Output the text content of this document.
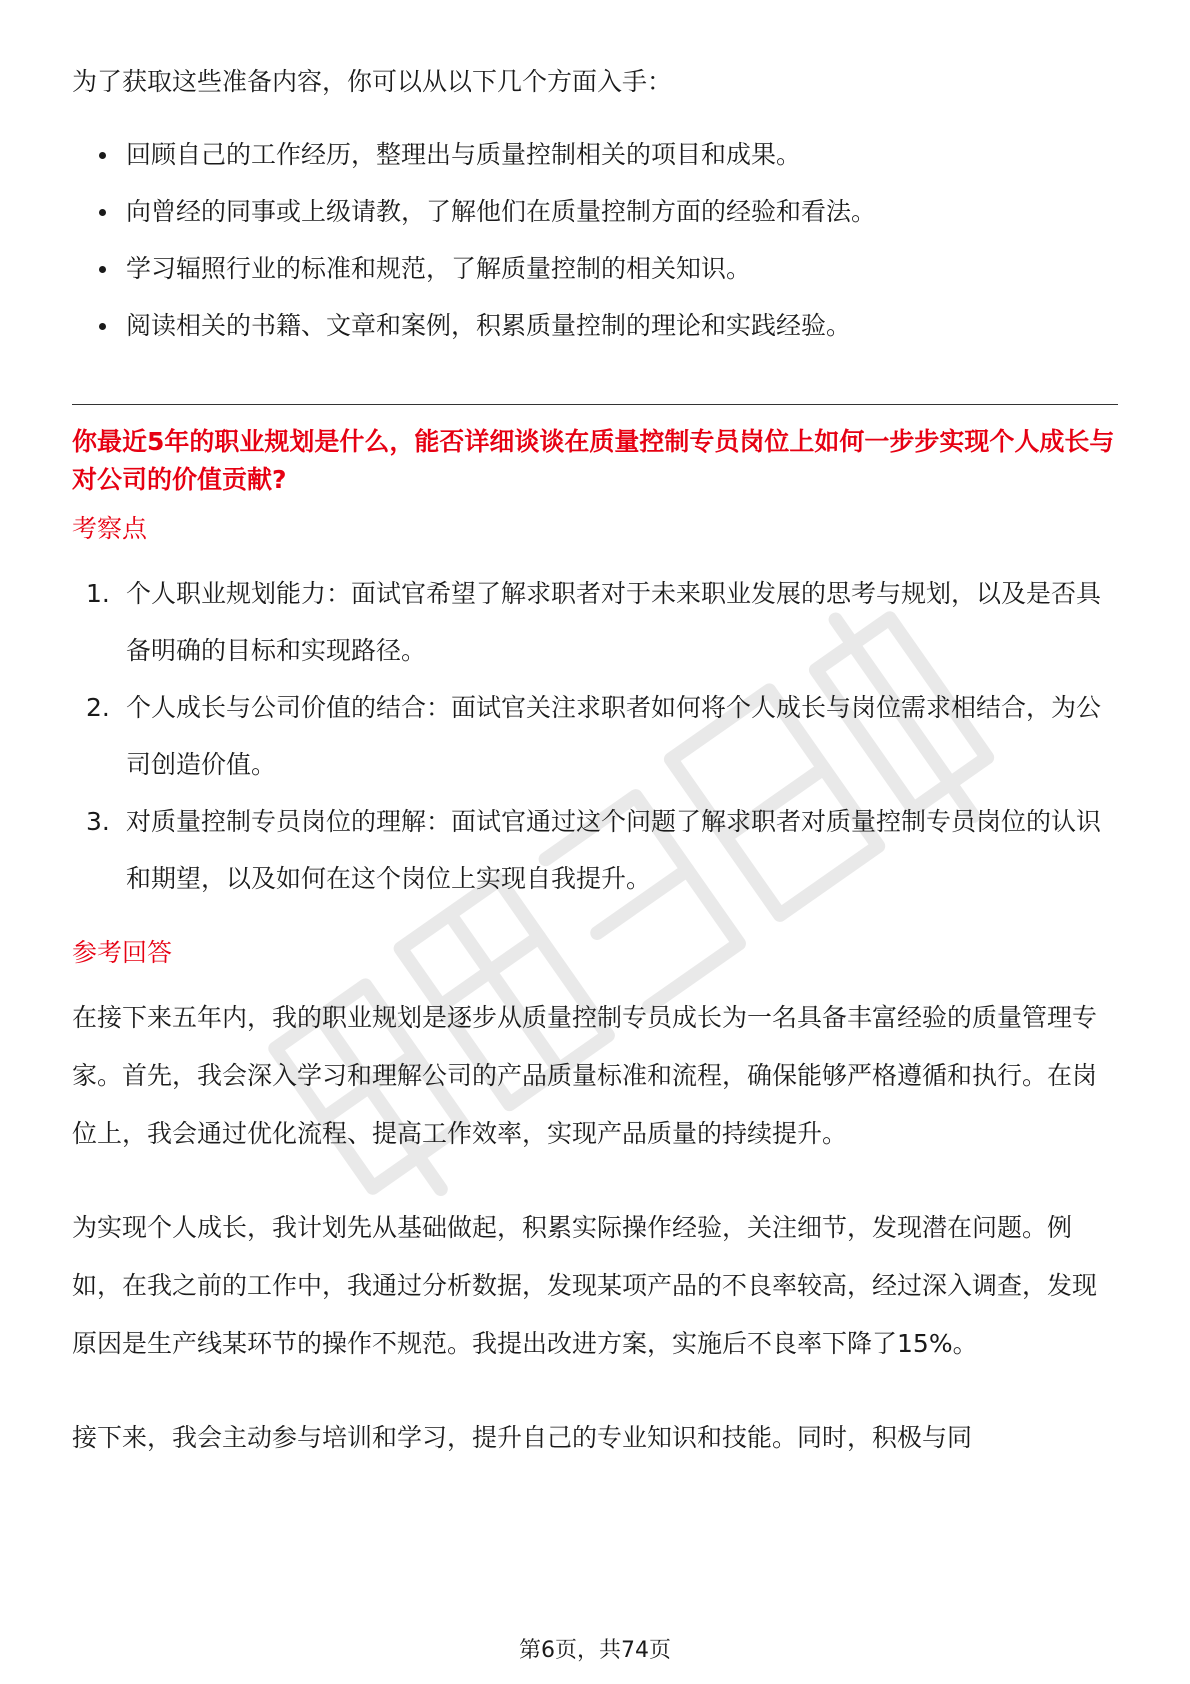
为了获取这些准备内容，你可以从以下几个方面入手：

回顾自己的工作经历，整理出与质量控制相关的项目和成果。
向曾经的同事或上级请教，了解他们在质量控制方面的经验和看法。
学习辐照行业的标准和规范，了解质量控制的相关知识。
阅读相关的书籍、文章和案例，积累质量控制的理论和实践经验。

你最近5年的职业规划是什么，能否详细谈谈在质量控制专员岗位上如何一步步实现个人成长与对公司的价值贡献?

考察点

1. 个人职业规划能力：面试官希望了解求职者对于未来职业发展的思考与规划，以及是否具备明确的目标和实现路径。
2. 个人成长与公司价值的结合：面试官关注求职者如何将个人成长与岗位需求相结合，为公司创造价值。
3. 对质量控制专员岗位的理解：面试官通过这个问题了解求职者对质量控制专员岗位的认识和期望，以及如何在这个岗位上实现自我提升。

参考回答

在接下来五年内，我的职业规划是逐步从质量控制专员成长为一名具备丰富经验的质量管理专家。首先，我会深入学习和理解公司的产品质量标准和流程，确保能够严格遵循和执行。在岗位上，我会通过优化流程、提高工作效率，实现产品质量的持续提升。

为实现个人成长，我计划先从基础做起，积累实际操作经验，关注细节，发现潜在问题。例如，在我之前的工作中，我通过分析数据，发现某项产品的不良率较高，经过深入调查，发现原因是生产线某环节的操作不规范。我提出改进方案，实施后不良率下降了15%。

接下来，我会主动参与培训和学习，提升自己的专业知识和技能。同时，积极与同

第6页，共74页
